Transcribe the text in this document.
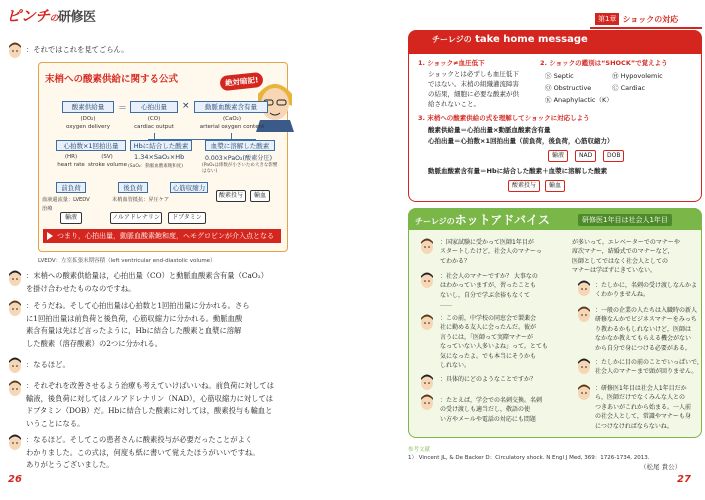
ピンチの研修医	第1章 ショックの対応
：それではこれを見てごらん。
末梢への酸素供給に関する公式	絶対暗記!
酸素供給量	＝	心拍出量	×	動脈血酸素含有量
(DO₂)
oxygen delivery
(CO)
cardiac output
(CaO₂)
arterial oxygen content
心拍数×1回拍出量	Hbに結合した酸素	血漿に溶解した酸素
(HR)
heart rate
(SV)
stroke volume
1.34×SaO₂×Hb
(SaO₂：動脈血酸素飽和度)
0.003×PaO₂(酸素分圧)
(PaO₂は係数が小さいため大きな影響はない)
前負荷	後負荷	心筋収縮力
血液還流量：LVEDV
治療
末梢血管抵抗：昇圧ケア
輸液	ノルアドレナリン	ドブタミン
酸素投与	輸血
つまり，心拍出量，動脈血酸素飽和度，ヘモグロビンが介入点となる
LVEDV：左室拡張末期容積（left ventricular end-diastolic volume）
：末梢への酸素供給量は，心拍出量（CO）と動脈血酸素含有量（CaO₂）
を掛け合わせたものなのですね。
：そうだね。そして心拍出量は心拍数と1回拍出量に分かれる。さら
に1回拍出量は前負荷と後負荷，心筋収縮力に分かれる。動脈血酸
素含有量は先ほど言ったように，Hbに結合した酸素と血漿に溶解
した酸素（溶存酸素）の2つに分かれる。
：なるほど。
：それぞれを改善させるよう治療も考えていけばいいね。前負荷に対しては
輸液，後負荷に対してはノルアドレナリン（NAD），心筋収縮力に対しては
ドブタミン（DOB）だ。Hbに結合した酸素に対しては，酸素投与も輸血と
いうことになる。
：なるほど。そしてこの患者さんに酸素投与が必要だったことがよく
わかりました。この式は，何度も紙に書いて覚えたほうがいいですね。
ありがとうございました。
26
チーレジの take home message
1. ショック≠血圧低下
ショックとは必ずしも血圧低下
ではない。末梢の組織灌流障害
の結果，細胞に必要な酸素が供
給されないこと。
2. ショックの鑑別は“SHOCK”で覚えよう
Ⓢ Septic	Ⓗ Hypovolemic
Ⓞ Obstructive	Ⓒ Cardiac
Ⓚ Anaphylactic（K）
3. 末梢への酸素供給の式を理解してショックに対応しよう
酸素供給量＝心拍出量×動脈血酸素含有量
心拍出量＝心拍数×1回拍出量（前負荷，後負荷，心筋収縮力）
輸液	NAD	DOB
動脈血酸素含有量＝Hbに結合した酸素＋血漿に溶解した酸素
酸素投与	輸血
チーレジのホットアドバイス	研修医1年目は社会人1年目
：国家試験に受かって医師1年目が
スタートしたけど，社会人のマナーっ
てわかる？
：社会人のマナーですか？ 大事なの
はわかっていますが，習ったことも
ないし，自分で学ぶ余裕もなくて
……
：この前，中学校の同窓会で製薬会
社に勤める友人に会ったんだ。彼が
言うには，「医師って実際マナーが
なっていない人多いよね」って。とても
気になったよ。でも本当にそうかも
しれない。
：具体的にどのようなことですか？
：たとえば，学会での名刺交換。名刺
の受け渡しも適当だし，敬語の使
い方やメールや電話の対応にも問題
が多いって。エレベーターでのマナーや
席次マナー，結婚式でのマナーなど，
医師としてではなく社会人としての
マナーは学ばずにきていない。
：たしかに，名刺の受け渡しなんかよ
くわかりませんね。
：一般の企業の人たちは入職時の新人
研修なんかでビジネスマナーをみっち
り教わるかもしれないけど，医師は
なかなか教えてもらえる機会がない
から自分で身につける必要がある。
：たしかに目の前のことでいっぱいで，
社会人のマナーまで頭が回りません。
：研修医1年目は社会人1年目だか
ら，医師だけでなくみんな人との
つきあいがこれから始まる。一人前
の社会人として，常識やマナーも身
につけなければならないね。
参考文献
1） Vincent JL, & De Backer D：Circulatory shock. N Engl J Med, 369：1726-1734, 2013.
（松尾 貴公）
27
